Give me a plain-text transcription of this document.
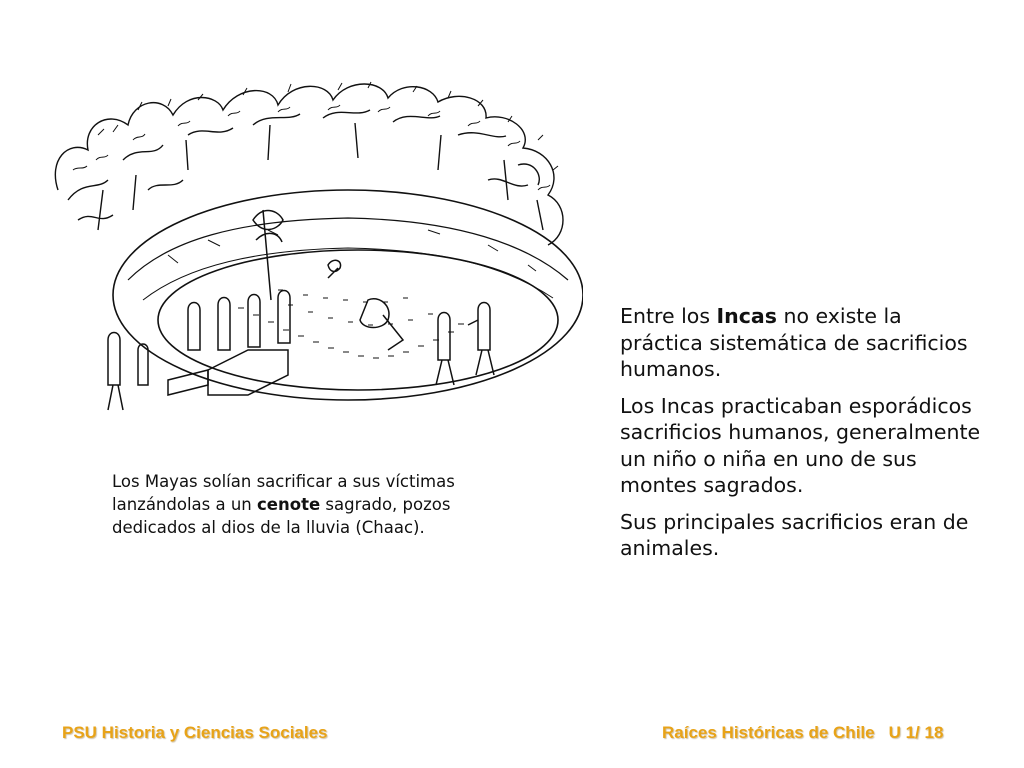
Los Mayas solían sacrificar a sus víctimas lanzándolas a un cenote sagrado, pozos dedicados al dios de la lluvia (Chaac).

Entre los Incas no existe la práctica sistemática de sacrificios humanos.

Los Incas practicaban esporádicos sacrificios humanos, generalmente un niño o niña en uno de sus montes sagrados.

Sus principales sacrificios eran de animales.

PSU Historia y Ciencias Sociales	Raíces Históricas de Chile U 1/ 18
